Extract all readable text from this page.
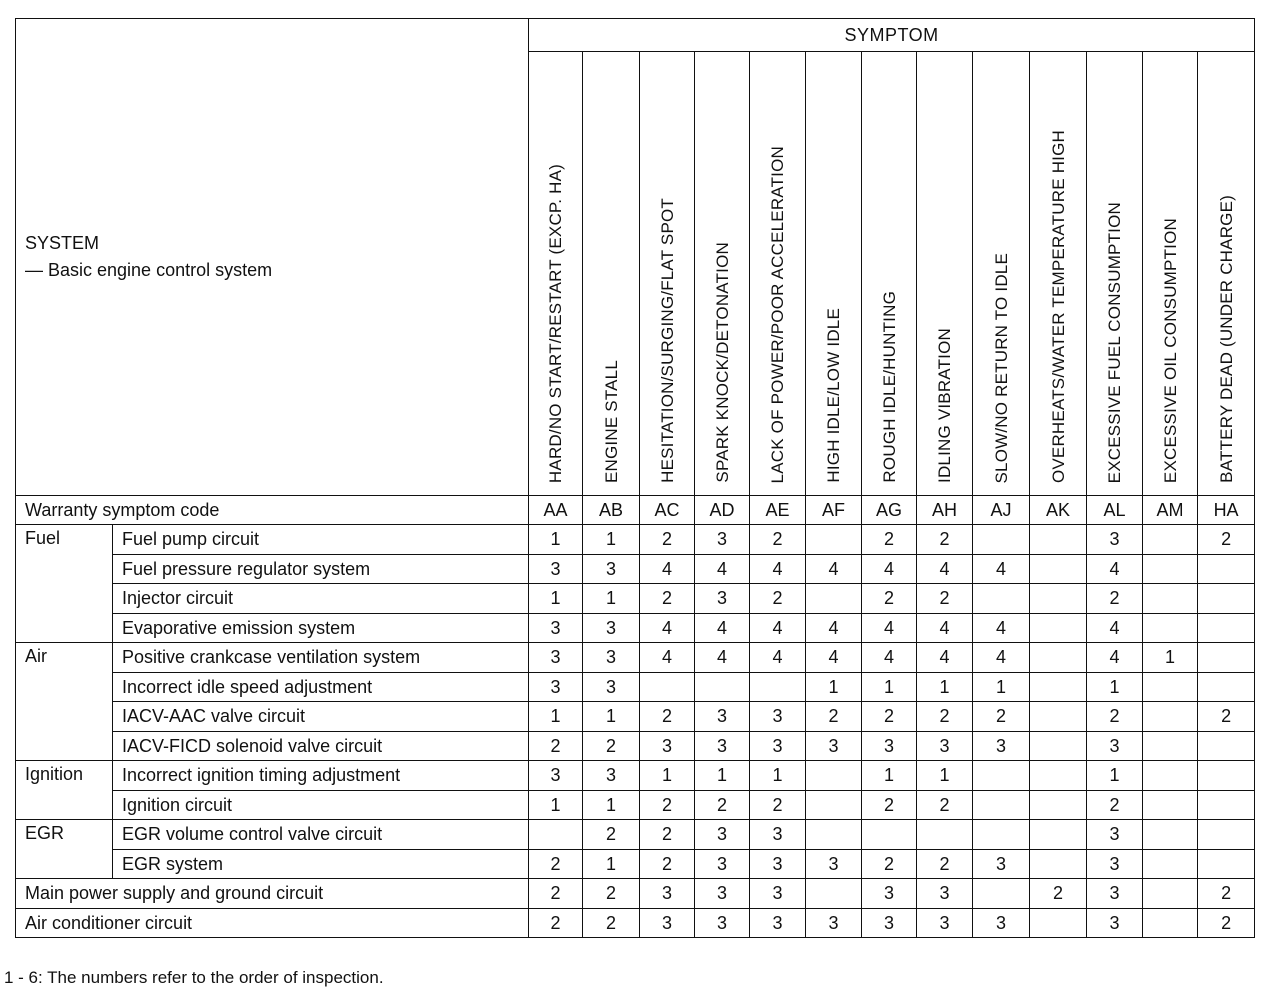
SYSTEM
— Basic engine control system		SYMPTOM												

		HARD/NO START/RESTART (EXCP. HA)	ENGINE STALL	HESITATION/SURGING/FLAT SPOT	SPARK KNOCK/DETONATION	LACK OF POWER/POOR ACCELERATION	HIGH IDLE/LOW IDLE	ROUGH IDLE/HUNTING	IDLING VIBRATION	SLOW/NO RETURN TO IDLE	OVERHEATS/WATER TEMPERATURE HIGH	EXCESSIVE FUEL CONSUMPTION	EXCESSIVE OIL CONSUMPTION	BATTERY DEAD (UNDER CHARGE)

Warranty symptom code		AA	AB	AC	AD	AE	AF	AG	AH	AJ	AK	AL	AM	HA
Fuel	Fuel pump circuit	1	1	2	3	2		2	2			3		2
	Fuel pressure regulator system	3	3	4	4	4	4	4	4	4		4		
	Injector circuit	1	1	2	3	2		2	2			2		
	Evaporative emission system	3	3	4	4	4	4	4	4	4		4		
Air	Positive crankcase ventilation system	3	3	4	4	4	4	4	4	4		4	1	
	Incorrect idle speed adjustment	3	3				1	1	1	1		1		
	IACV-AAC valve circuit	1	1	2	3	3	2	2	2	2		2		2
	IACV-FICD solenoid valve circuit	2	2	3	3	3	3	3	3	3		3		
Ignition	Incorrect ignition timing adjustment	3	3	1	1	1		1	1			1		
	Ignition circuit	1	1	2	2	2		2	2			2		
EGR	EGR volume control valve circuit		2	2	3	3						3		
	EGR system	2	1	2	3	3	3	2	2	3		3		
Main power supply and ground circuit		2	2	3	3	3		3	3		2	3		2
Air conditioner circuit		2	2	3	3	3	3	3	3	3		3		2
1 - 6: The numbers refer to the order of inspection.
